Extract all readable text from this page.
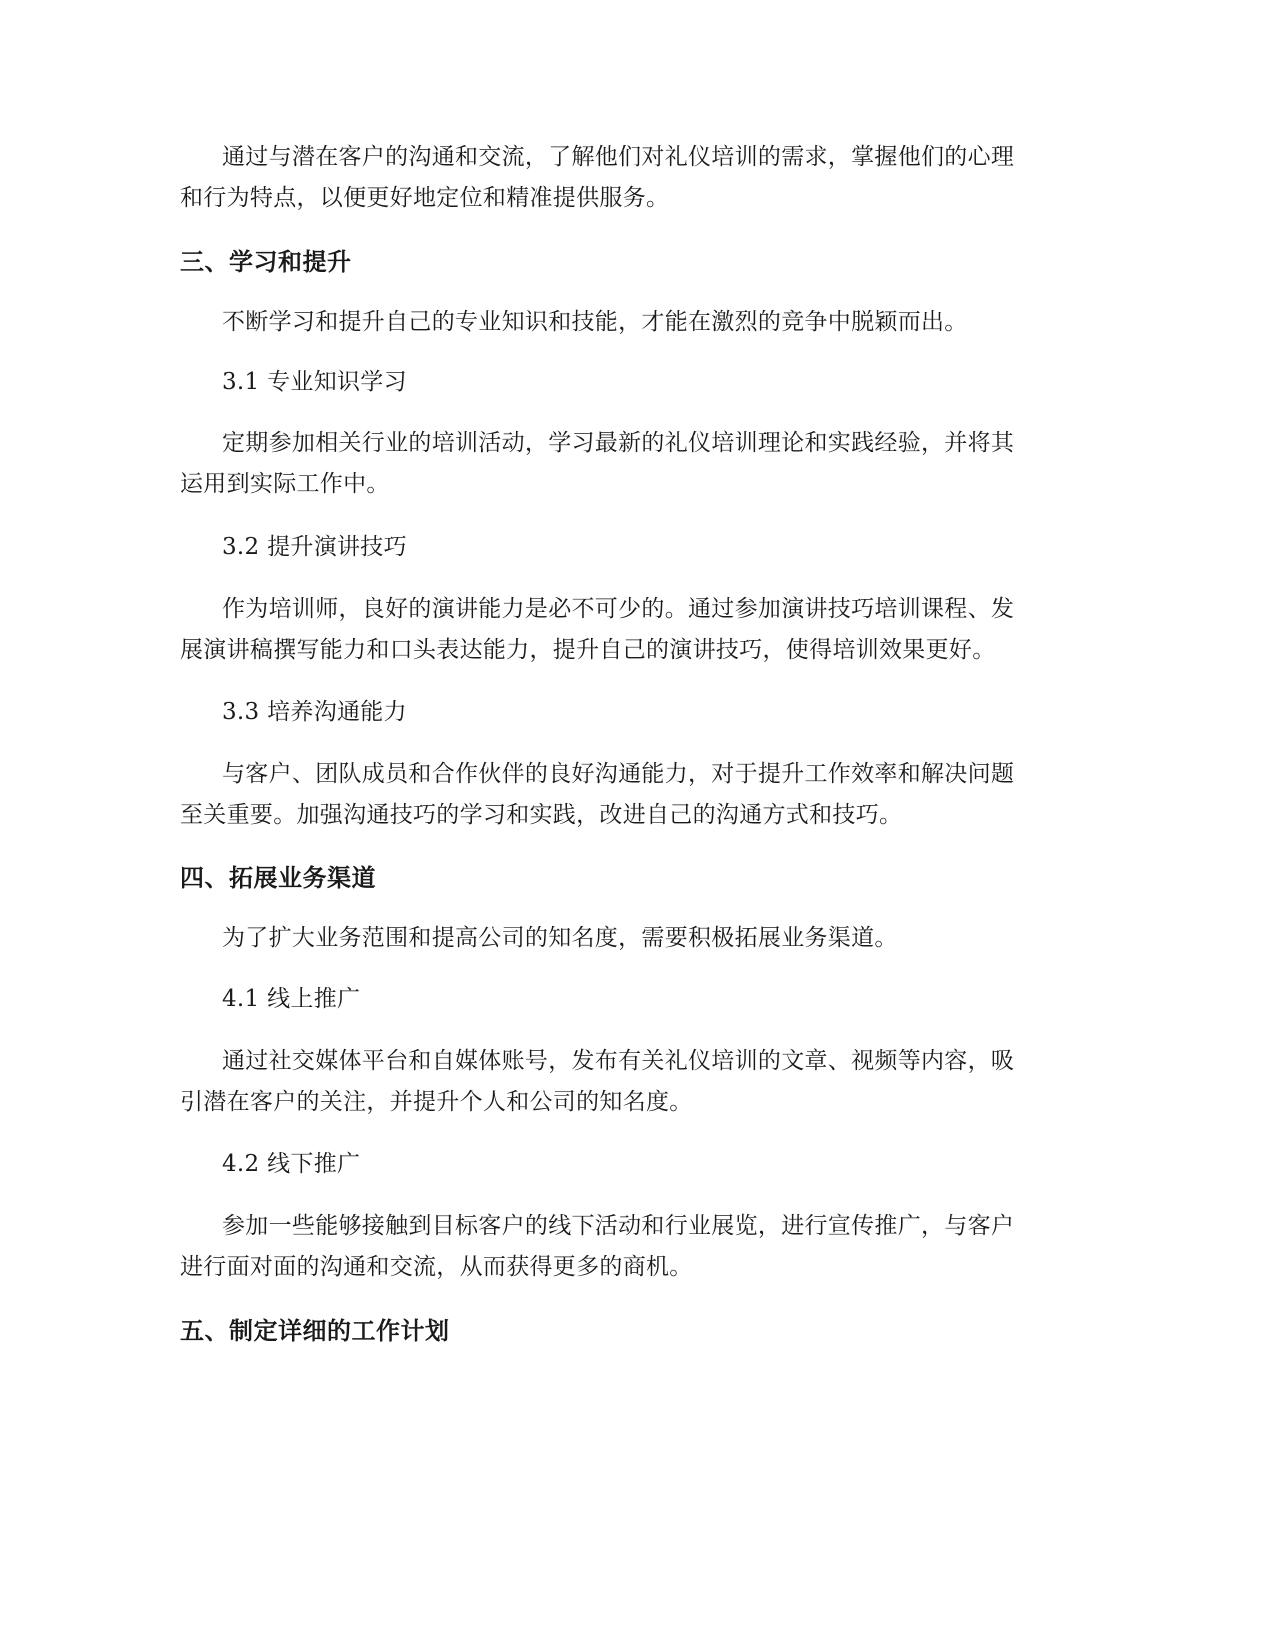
通过与潜在客户的沟通和交流，了解他们对礼仪培训的需求，掌握他们的心理和行为特点，以便更好地定位和精准提供服务。

三、学习和提升

不断学习和提升自己的专业知识和技能，才能在激烈的竞争中脱颖而出。

3.1 专业知识学习

定期参加相关行业的培训活动，学习最新的礼仪培训理论和实践经验，并将其运用到实际工作中。

3.2 提升演讲技巧

作为培训师，良好的演讲能力是必不可少的。通过参加演讲技巧培训课程、发展演讲稿撰写能力和口头表达能力，提升自己的演讲技巧，使得培训效果更好。

3.3 培养沟通能力

与客户、团队成员和合作伙伴的良好沟通能力，对于提升工作效率和解决问题至关重要。加强沟通技巧的学习和实践，改进自己的沟通方式和技巧。

四、拓展业务渠道

为了扩大业务范围和提高公司的知名度，需要积极拓展业务渠道。

4.1 线上推广

通过社交媒体平台和自媒体账号，发布有关礼仪培训的文章、视频等内容，吸引潜在客户的关注，并提升个人和公司的知名度。

4.2 线下推广

参加一些能够接触到目标客户的线下活动和行业展览，进行宣传推广，与客户进行面对面的沟通和交流，从而获得更多的商机。

五、制定详细的工作计划
